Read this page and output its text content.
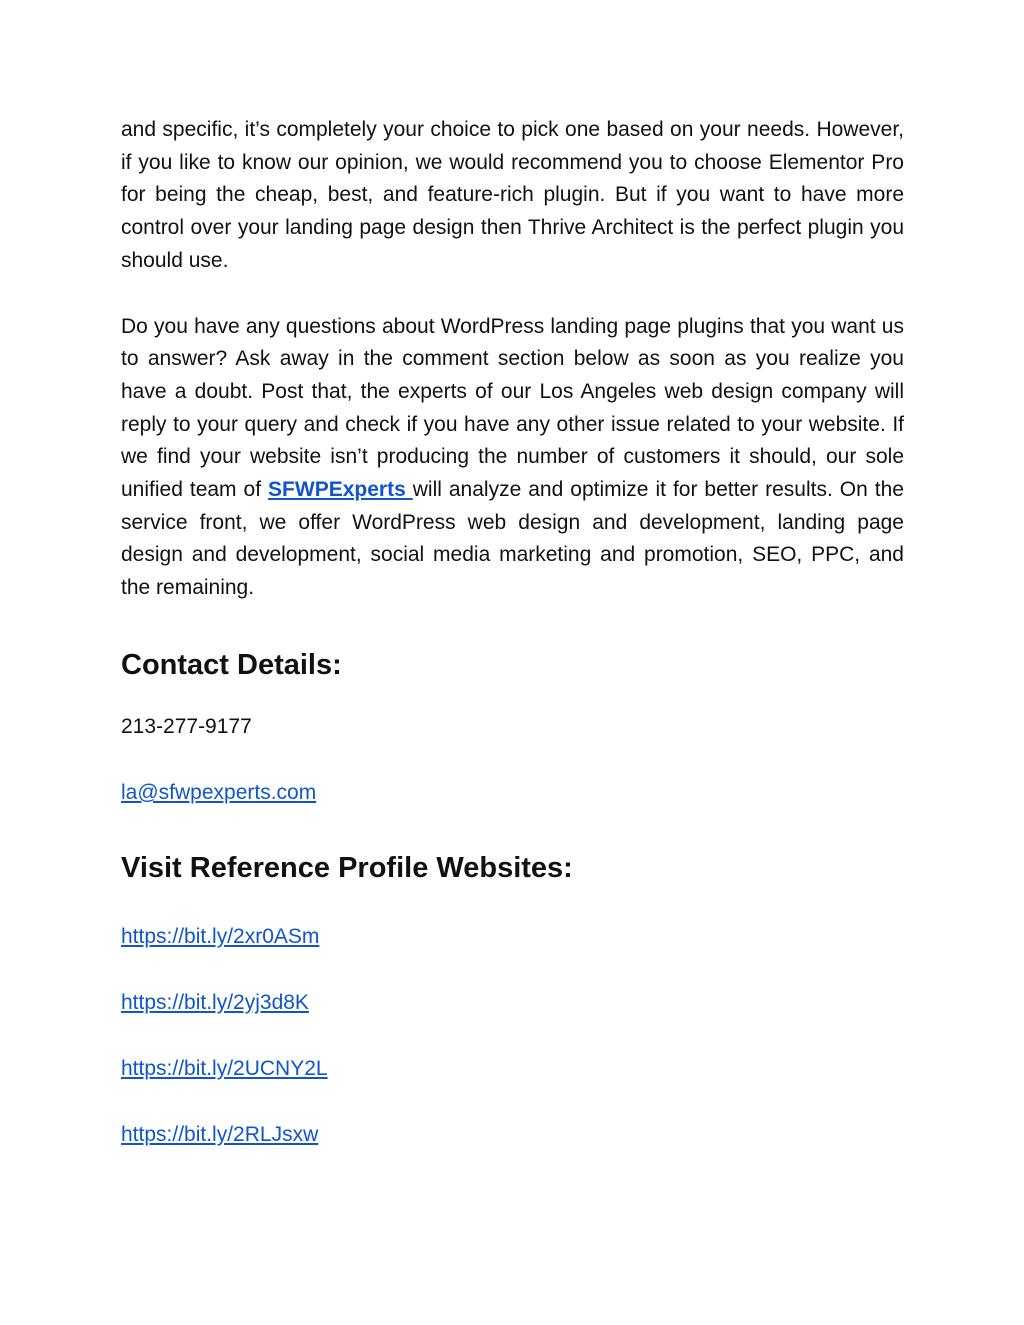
and specific, it’s completely your choice to pick one based on your needs. However, if you like to know our opinion, we would recommend you to choose Elementor Pro for being the cheap, best, and feature-rich plugin. But if you want to have more control over your landing page design then Thrive Architect is the perfect plugin you should use.

Do you have any questions about WordPress landing page plugins that you want us to answer? Ask away in the comment section below as soon as you realize you have a doubt. Post that, the experts of our Los Angeles web design company will reply to your query and check if you have any other issue related to your website. If we find your website isn’t producing the number of customers it should, our sole unified team of SFWPExperts will analyze and optimize it for better results. On the service front, we offer WordPress web design and development, landing page design and development, social media marketing and promotion, SEO, PPC, and the remaining.

Contact Details:

213-277-9177

la@sfwpexperts.com

Visit Reference Profile Websites:
https://bit.ly/2xr0ASm
https://bit.ly/2yj3d8K
https://bit.ly/2UCNY2L
https://bit.ly/2RLJsxw
